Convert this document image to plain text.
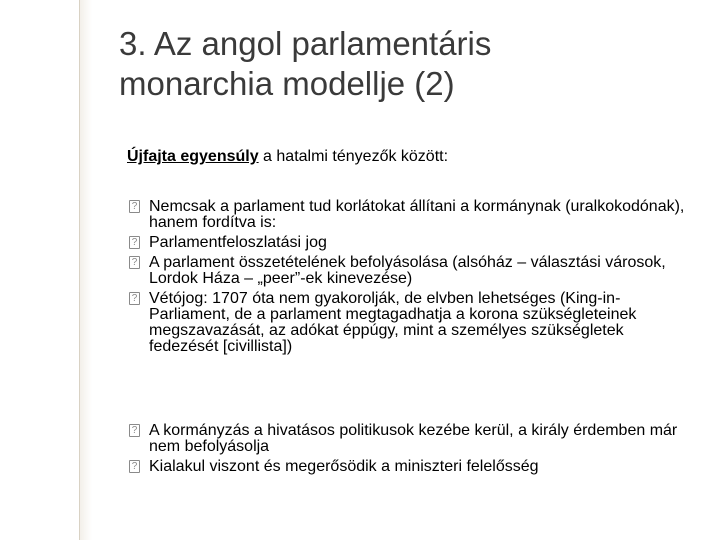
3. Az angol parlamentáris
monarchia modellje (2)
Újfajta egyensúly a hatalmi tényezők között:
? Nemcsak a parlament tud korlátokat állítani a kormánynak (uralkokodónak), hanem fordítva is:
? Parlamentfeloszlatási jog
? A parlament összetételének befolyásolása (alsóház – választási városok, Lordok Háza – „peer”-ek kinevezése)
? Vétójog: 1707 óta nem gyakorolják, de elvben lehetséges (King-in-Parliament, de a parlament megtagadhatja a korona szükségleteinek megszavazását, az adókat éppúgy, mint a személyes szükségletek fedezését [civillista])
? A kormányzás a hivatásos politikusok kezébe kerül, a király érdemben már nem befolyásolja
? Kialakul viszont és megerősödik a miniszteri felelősség
